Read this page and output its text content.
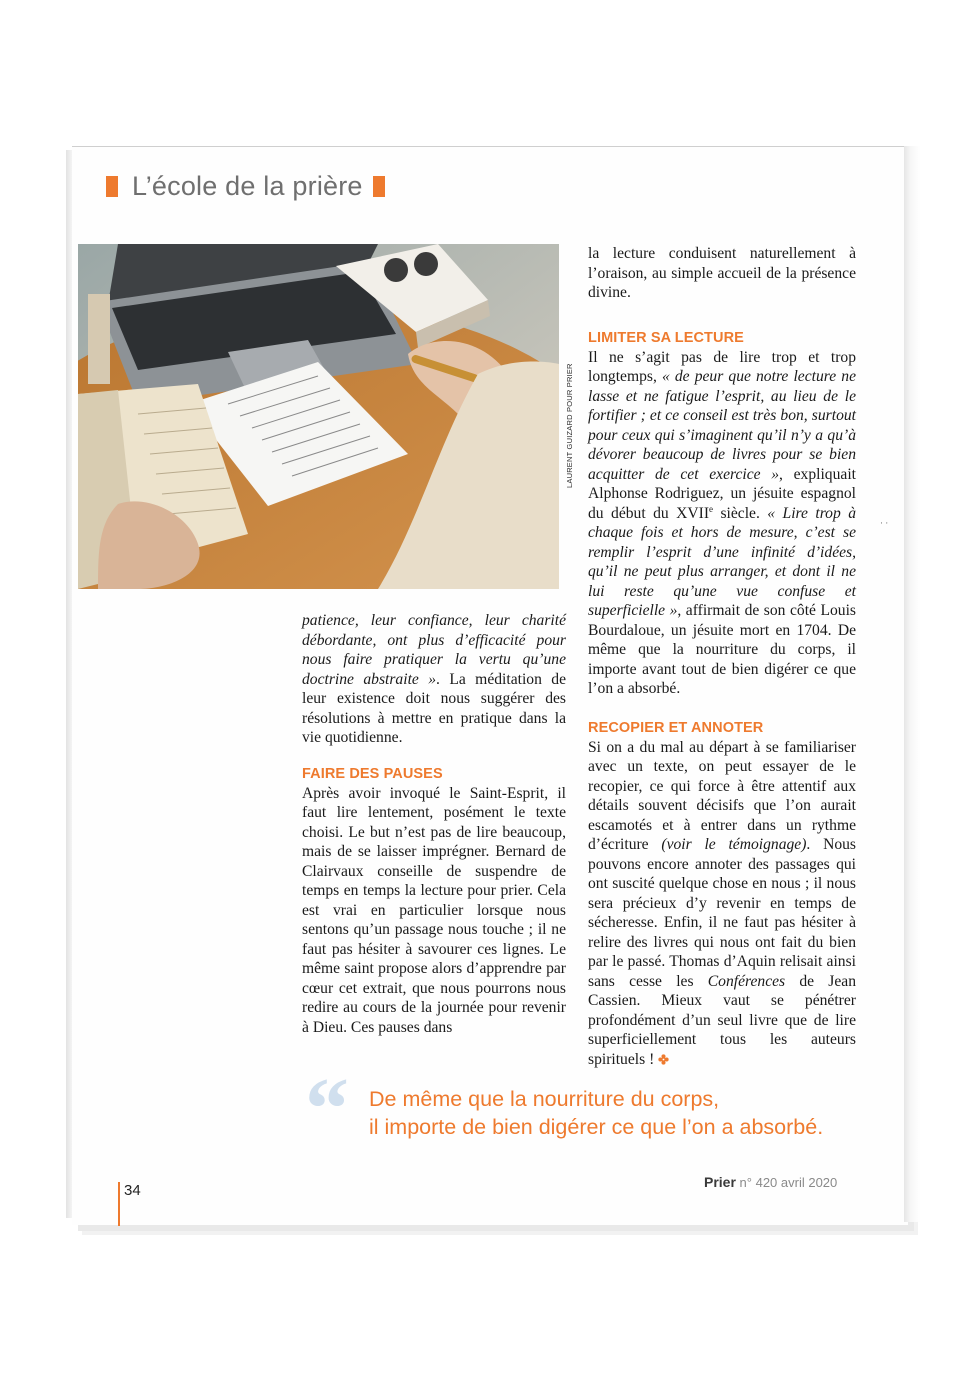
L’école de la prière
LAURENT GUIZARD POUR PRIER

patience, leur confiance, leur charité débordante, ont plus d’efficacité pour nous faire pratiquer la vertu qu’une doctrine abstraite ». La méditation de leur existence doit nous suggérer des résolutions à mettre en pratique dans la vie quotidienne.

FAIRE DES PAUSES

Après avoir invoqué le Saint-Esprit, il faut lire lentement, posément le texte choisi. Le but n’est pas de lire beaucoup, mais de se laisser imprégner. Bernard de Clairvaux conseille de suspendre de temps en temps la lecture pour prier. Cela est vrai en particulier lorsque nous sentons qu’un passage nous touche ; il ne faut pas hésiter à savourer ces lignes. Le même saint propose alors d’apprendre par cœur cet extrait, que nous pourrons nous redire au cours de la journée pour revenir à Dieu. Ces pauses dans

la lecture conduisent naturellement à l’oraison, au simple accueil de la présence divine.

LIMITER SA LECTURE

Il ne s’agit pas de lire trop et trop longtemps, « de peur que notre lecture ne lasse et ne fatigue l’esprit, au lieu de le fortifier ; et ce conseil est très bon, surtout pour ceux qui s’imaginent qu’il n’y a qu’à dévorer beaucoup de livres pour se bien acquitter de cet exercice », expliquait Alphonse Rodriguez, un jésuite espagnol du début du XVIIe siècle. « Lire trop à chaque fois et hors de mesure, c’est se remplir l’esprit d’une infinité d’idées, qu’il ne peut plus arranger, et dont il ne lui reste qu’une vue confuse et superficielle », affirmait de son côté Louis Bourdaloue, un jésuite mort en 1704. De même que la nourriture du corps, il importe avant tout de bien digérer ce que l’on a absorbé.

RECOPIER ET ANNOTER

Si on a du mal au départ à se familiariser avec un texte, on peut essayer de le recopier, ce qui force à être attentif aux détails souvent décisifs que l’on aurait escamotés et à entrer dans un rythme d’écriture (voir le témoignage). Nous pouvons encore annoter des passages qui ont suscité quelque chose en nous ; il nous sera précieux d’y revenir en temps de sécheresse. Enfin, il ne faut pas hésiter à relire des livres qui nous ont fait du bien par le passé. Thomas d’Aquin relisait ainsi sans cesse les Conférences de Jean Cassien. Mieux vaut se pénétrer profondément d’un seul livre que de lire superficiellement tous les auteurs spirituels !

“ De même que la nourriture du corps,
il importe de bien digérer ce que l’on a absorbé.
34	Prier n° 420 avril 2020
· ·
